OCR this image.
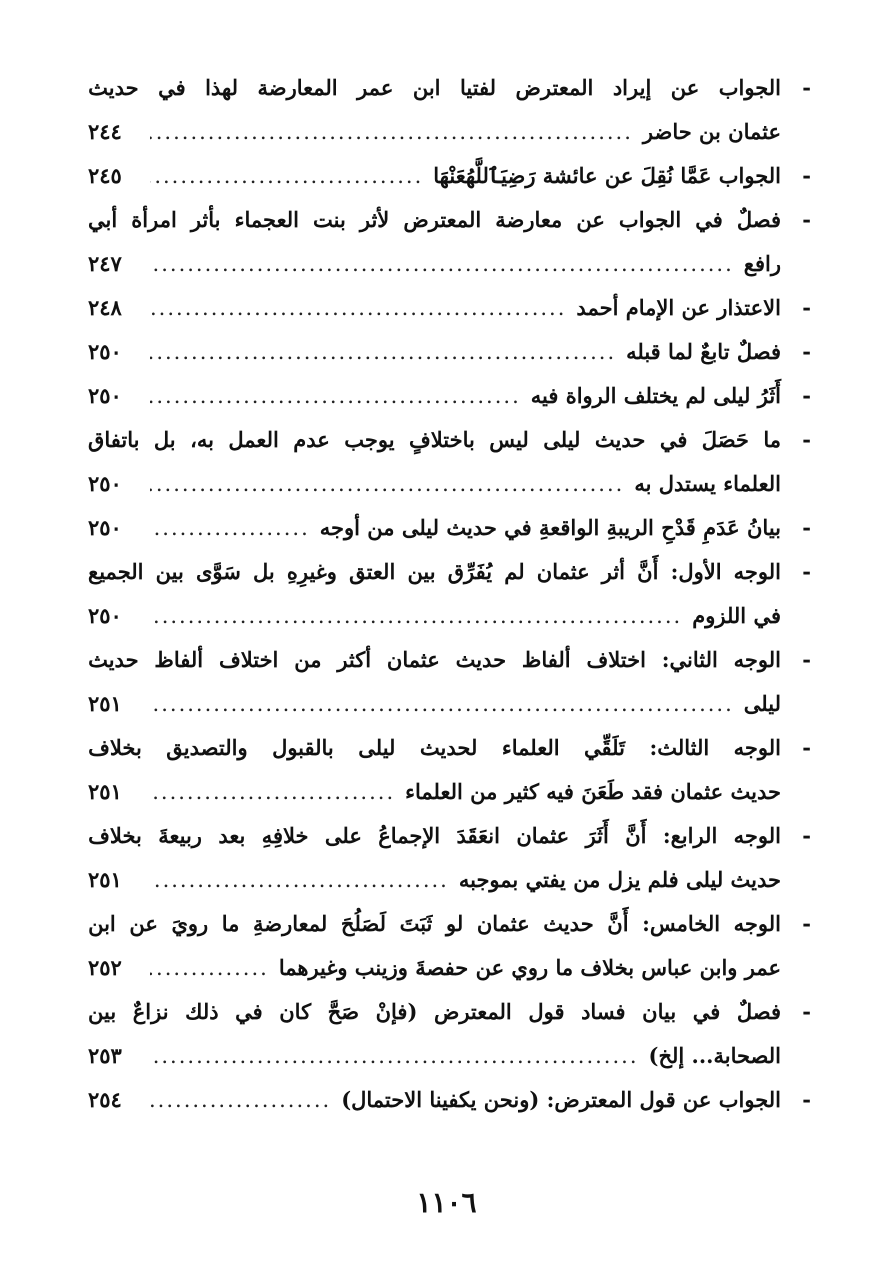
-
الجواب
عن
إيراد
المعترض
لفتيا
ابن
عمر
المعارضة
لهذا
في
حديث
عثمان بن حاضر
.....
٢٤٤
-
الجواب عَمَّا نُقِلَ عن عائشة رَضِيَٱللَّهُعَنْهَا
.....
٢٤٥
-
فصلٌ
في
الجواب
عن
معارضة
المعترض
لأثر
بنت
العجماء
بأثر
امرأة
أبي
رافع
.....
٢٤٧
-
الاعتذار عن الإمام أحمد
.....
٢٤٨
-
فصلٌ تابعٌ لما قبله
.....
٢٥٠
-
أَثَرُ ليلى لم يختلف الرواة فيه
.....
٢٥٠
-
ما
حَصَلَ
في
حديث
ليلى
ليس
باختلافٍ
يوجب
عدم
العمل
به،
بل
باتفاق
العلماء يستدل به
.....
٢٥٠
-
بيانُ عَدَمِ قَدْحِ الريبةِ الواقعةِ في حديث ليلى من أوجه
.....
٢٥٠
-
الوجه
الأول:
أَنَّ
أثر
عثمان
لم
يُفَرِّق
بين
العتق
وغيرِهِ
بل
سَوَّى
بين
الجميع
في اللزوم
.....
٢٥٠
-
الوجه
الثاني:
اختلاف
ألفاظ
حديث
عثمان
أكثر
من
اختلاف
ألفاظ
حديث
ليلى
.....
٢٥١
-
الوجه
الثالث:
تَلَقِّي
العلماء
لحديث
ليلى
بالقبول
والتصديق
بخلاف
حديث عثمان فقد طَعَنَ فيه كثير من العلماء
.....
٢٥١
-
الوجه
الرابع:
أَنَّ
أَثَرَ
عثمان
انعَقَدَ
الإجماعُ
على
خلافِهِ
بعد
ربيعةَ
بخلاف
حديث ليلى فلم يزل من يفتي بموجبه
.....
٢٥١
-
الوجه
الخامس:
أَنَّ
حديث
عثمان
لو
ثَبَتَ
لَصَلُحَ
لمعارضةِ
ما
رويَ
عن
ابن
عمر وابن عباس بخلاف ما روي عن حفصةَ وزينب وغيرهما
.....
٢٥٢
-
فصلٌ
في
بيان
فساد
قول
المعترض
(فإنْ
صَحَّ
كان
في
ذلك
نزاعٌ
بين
الصحابة... إلخ)
.....
٢٥٣
-
الجواب عن قول المعترض: (ونحن يكفينا الاحتمال)
.....
٢٥٤
١١٠٦
